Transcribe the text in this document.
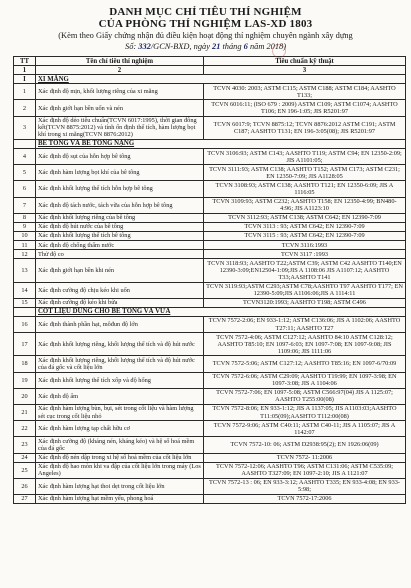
DANH MỤC CHỈ TIÊU THÍ NGHIỆM
CỦA PHÒNG THÍ NGHIỆM LAS-XD 1803
(Kèm theo Giấy chứng nhận đủ điều kiện hoạt động thí nghiệm chuyên ngành xây dựng
Số: 332/GCN-BXD, ngày 21 tháng 6 năm 2018)
TT	Tên chỉ tiêu thí nghiệm	Tiêu chuẩn kỹ thuật
1	2	3
I	XI MĂNG	
1	Xác định độ mịn, khối lượng riêng của xi măng	TCVN 4030: 2003; ASTM C115; ASTM C188; ASTM C184; AASHTO T133;
2	Xác định giới hạn bền uốn và nén	TCVN 6016:11; (ISO 679 : 2009) ASTM C109; ASTM C1074; AASHTO T106; EN 196-1:05; JIS R5201:97
3	Xác định độ dẻo tiêu chuẩn(TCVN 6017:1995), thời gian đông kết(TCVN 8875:2012) và tính ổn định thể tích, hàm lượng bọt khí trong xi măng(TCVN 8876:2012)	TCVN 6017:9; TCVN 8875:12; TCVN 8876:2012 ASTM C191; ASTM C187; AASHTO T131; EN 196-3:05(08); JIS R5201:97
	BÊ TÔNG VÀ BÊ TÔNG NẶNG	
4	Xác định độ sụt của hỗn hợp bê tông	TCVN 3106:93; ASTM C143; AASHTO T119; ASTM C94; EN 12350-2:09; JIS A1101:05;
5	Xác định hàm lượng bọt khí của bê tông	TCVN 3111:93; ASTM C138; AASHTO T152; ASTM C173; ASTM C231; EN 12350-7:09; JIS A1128:05
6	Xác định khối lượng thể tích hỗn hợp bê tông	TCVN 3108:93; ASTM C138; AASHTO T121; EN 12350-6:09; JIS A 1116:05
7	Xác định độ tách nước, tách vữa của hỗn hợp bê tông	TCVN 3109:93; ASTM C232; AASHTO T158; EN 12350-4:99; BN480-4:96; JIS A1123:10
8	Xác định khối lượng riêng của bê tông	TCVN 3112:93; ASTM C138; ASTM C642; EN 12390-7:09
9	Xác định độ hút nước của bê tông	TCVN 3113 : 93; ASTM C642; EN 12390-7:09
10	Xác định khối lượng thể tích bê tông	TCVN 3115 : 93; ASTM C642; EN 12390-7:09
11	Xác định độ chống thấm nước	TCVN 3116:1993
12	Thử độ co	TCVN 3117 :1993
13	Xác định giới hạn bền khi nén	TCVN 3118:93; AASHTO T22;ASTM C39; ASTM C42 AASHTO T140;EN 12390-3:09;EN12504-1:09;JIS A 1108:06 JIS A1107:12; AASHTO T33;AASHTO T141
14	Xác định cường độ chịu kéo khi uốn	TCVN 3119:93;ASTM C293;ASTM C78;AASHTO T97 AASHTO T177; EN 12390-5:09;JIS A1106:06;JIS A 1114:11
15	Xác định cường độ kéo khi bửa	TCVN3120:1993; AASHTO T198; ASTM C496
	CỐT LIỆU DÙNG CHO BÊ TÔNG VÀ VỮA	
16	Xác định thành phần hạt, môđun độ lớn	TCVN 7572-2:06; EN 933-1:12; ASTM C136:06; JIS A 1102:06; AASHTO T27:11; AASHTO T27
17	Xác định khối lượng riêng, khối lượng thể tích và độ hút nước	TCVN 7572-4:06; ASTM C127:12; AASHTO 84:10 ASTM C128:12; AASHTO T85:10; EN 1097-6:03; EN 1097-7:08; EN 1097-9:08; JIS 1109:06; JIS 1111:06
18	Xác định khối lượng riêng, khối lượng thể tích và độ hút nước của đá gốc và cốt liệu lớn	TCVN 7572-5:06; ASTM C127:12; AASHTO T85:16; EN 1097-6/70:09
19	Xác định khối lượng thể tích xốp và độ hổng	TCVN 7572-6:06; ASTM C29:09; AASHTO T19:99; EN 1097-3:98; EN 1097-3:08; JIS A 1104:06
20	Xác định độ ẩm	TCVN 7572-7:06; EN 1097-5:08; ASTM C566:97(04) JIS A 1125:07; AASHTO T255:00(08)
21	Xác định hàm lượng bùn, bụi, sét trong cốt liệu và hàm lượng sét cục trong cốt liệu nhỏ	TCVN 7572-8:06; EN 933-1:12; JIS A 1137:05; JIS A1103:03;AASHTO T11:05(09);AASHTO T112:00(08)
22	Xác định hàm lượng tạp chất hữu cơ	TCVN 7572-9:06; ASTM C40:11; ASTM C40-11; JIS A 1105:07; JIS A 1142:07
23	Xác định cường độ (kháng nén, kháng kéo) và hệ số hoá mềm của đá gốc	TCVN 7572-10: 06; ASTM D2938:95(2); EN 1926:06(09)
24	Xác định độ nén dập trong xi hệ số hoá mềm của cốt liệu lớn	TCVN 7572- 11:2006
25	Xác định độ hao mòn khi va đập của cốt liệu lớn trong máy (Los Angeles)	TCVN 7572-12:06; AASHTO T96; ASTM C131:06; ASTM C535:09; AASHTO T327:09; EN 1097-2:10; JIS A 1121:07
26	Xác định hàm lượng hạt thoi dẹt trong cốt liệu lớn	TCVN 7572-13 : 06; EN 933-3:12; AASHTO T335; EN 933-4:08; EN 933-5:98;
27	Xác định hàm lượng hạt mềm yếu, phong hoá	TCVN 7572-17:2006
